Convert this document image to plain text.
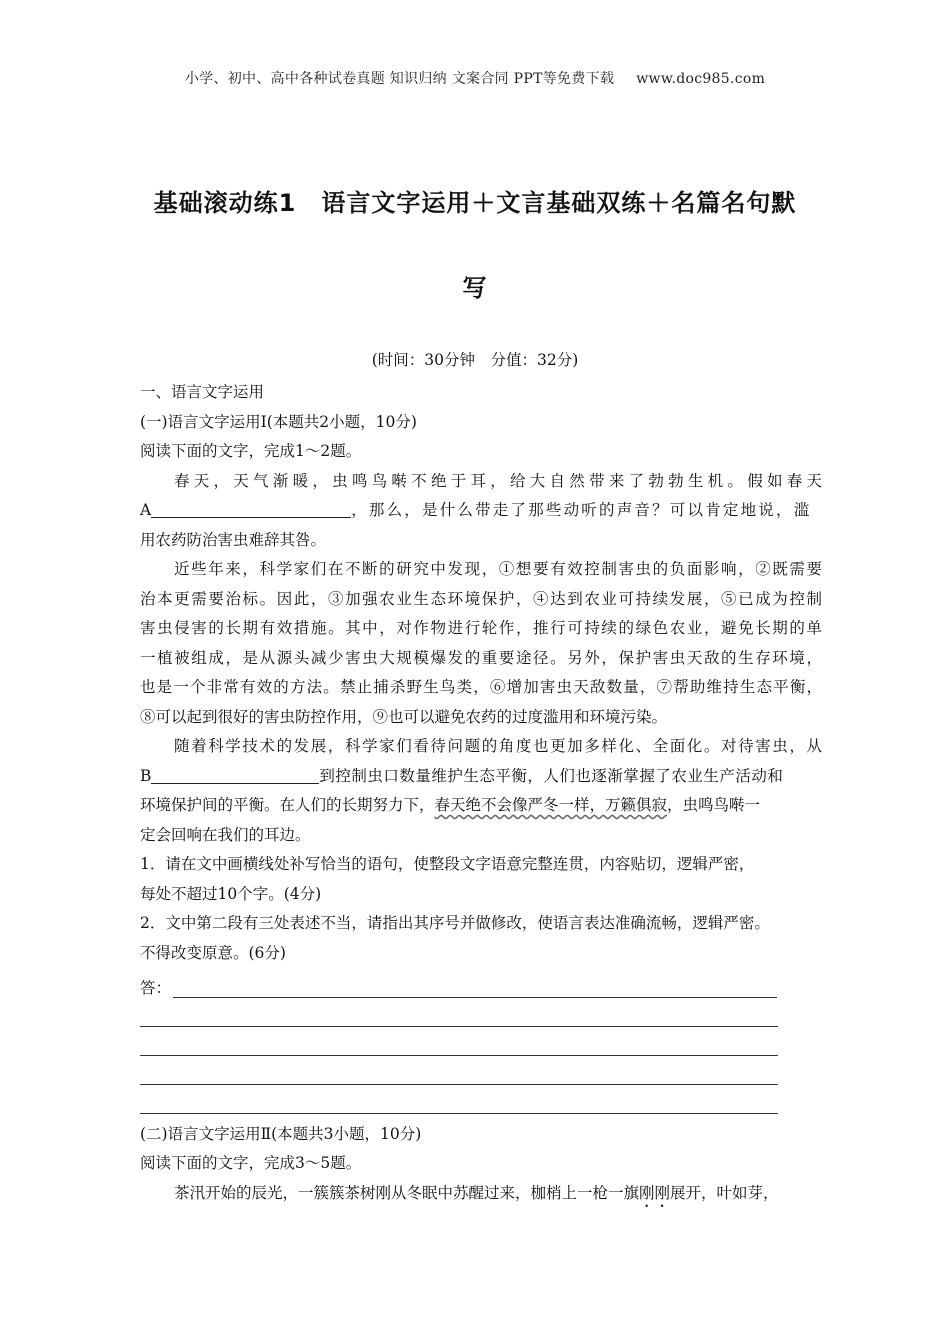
小学、初中、高中各种试卷真题 知识归纳 文案合同 PPT等免费下载 www.doc985.com
基础滚动练1　语言文字运用＋文言基础双练＋名篇名句默
写
(时间：30分钟　分值：32分)
一、语言文字运用
(一)语言文字运用Ⅰ(本题共2小题，10分)
阅读下面的文字，完成1～2题。
春天，天气渐暖，虫鸣鸟啭不绝于耳，给大自然带来了勃勃生机。假如春天
A	，那么，是什么带走了那些动听的声音？可以肯定地说，滥
用农药防治害虫难辞其咎。
近些年来，科学家们在不断的研究中发现，①想要有效控制害虫的负面影响，②既需要
治本更需要治标。因此，③加强农业生态环境保护，④达到农业可持续发展，⑤已成为控制
害虫侵害的长期有效措施。其中，对作物进行轮作，推行可持续的绿色农业，避免长期的单
一植被组成，是从源头减少害虫大规模爆发的重要途径。另外，保护害虫天敌的生存环境，
也是一个非常有效的方法。禁止捕杀野生鸟类，⑥增加害虫天敌数量，⑦帮助维持生态平衡，
⑧可以起到很好的害虫防控作用，⑨也可以避免农药的过度滥用和环境污染。
随着科学技术的发展，科学家们看待问题的角度也更加多样化、全面化。对待害虫，从
B	到控制虫口数量维护生态平衡，人们也逐渐掌握了农业生产活动和
环境保护间的平衡。在人们的长期努力下，春天绝不会像严冬一样，万籁俱寂，虫鸣鸟啭一
定会回响在我们的耳边。
1．请在文中画横线处补写恰当的语句，使整段文字语意完整连贯，内容贴切，逻辑严密，
每处不超过10个字。(4分)
2．文中第二段有三处表述不当，请指出其序号并做修改，使语言表达准确流畅，逻辑严密。
不得改变原意。(6分)
答：
(二)语言文字运用Ⅱ(本题共3小题，10分)
阅读下面的文字，完成3～5题。
茶汛开始的辰光，一簇簇茶树刚从冬眠中苏醒过来，枷梢上一枪一旗刚刚展开，叶如芽，
